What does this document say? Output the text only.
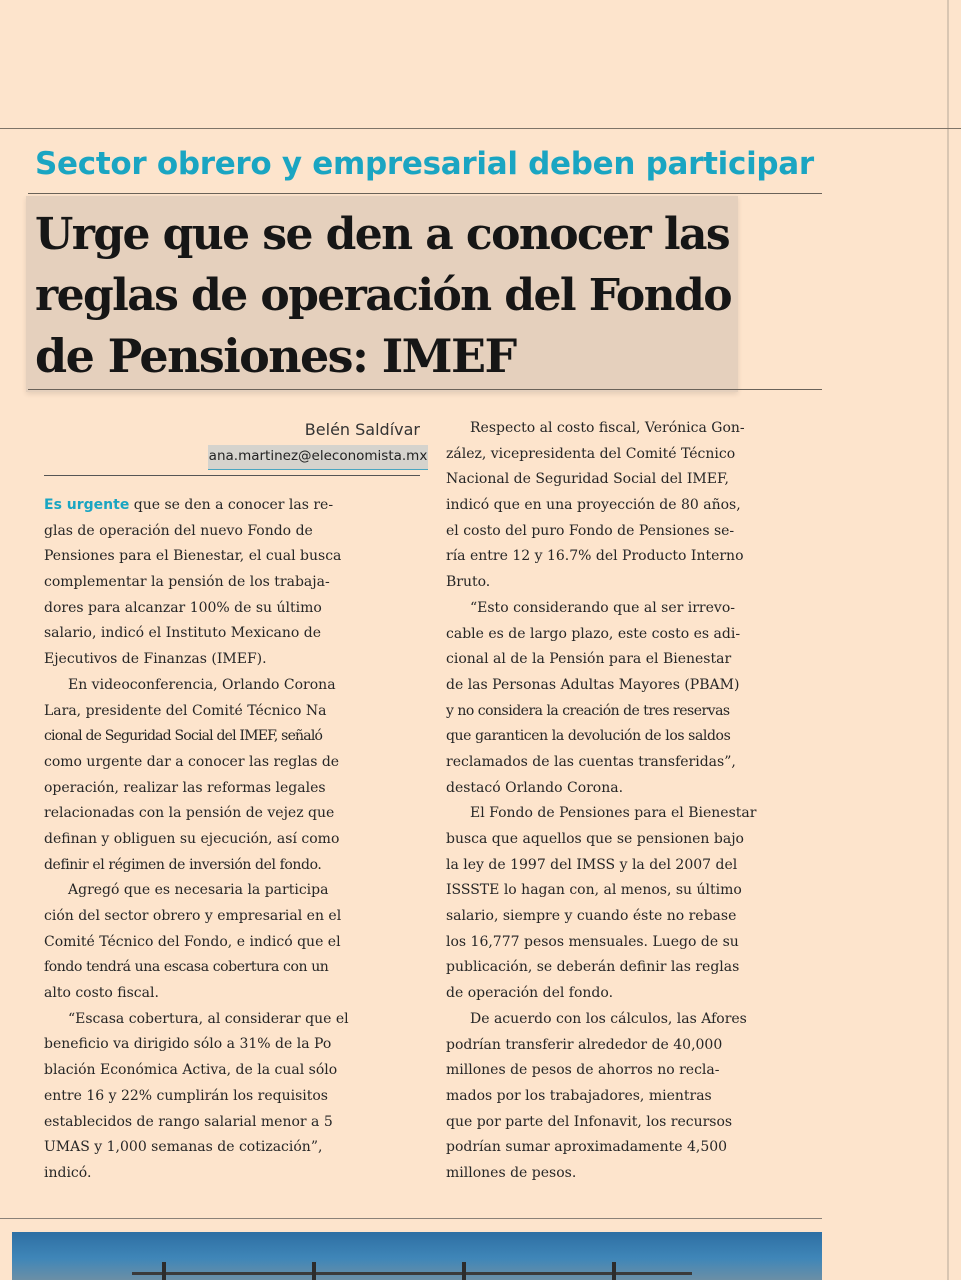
Sector obrero y empresarial deben participar
Urge que se den a conocer las
reglas de operación del Fondo
de Pensiones: IMEF
Belén Saldívar
ana.martinez@eleconomista.mx
Es urgente que se den a conocer las re-
glas de operación del nuevo Fondo de
Pensiones para el Bienestar, el cual busca
complementar la pensión de los trabaja-
dores para alcanzar 100% de su último
salario, indicó el Instituto Mexicano de
Ejecutivos de Finanzas (IMEF).
En videoconferencia, Orlando Corona
Lara, presidente del Comité Técnico Na
cional de Seguridad Social del IMEF, señaló
como urgente dar a conocer las reglas de
operación, realizar las reformas legales
relacionadas con la pensión de vejez que
definan y obliguen su ejecución, así como
definir el régimen de inversión del fondo.
Agregó que es necesaria la participa
ción del sector obrero y empresarial en el
Comité Técnico del Fondo, e indicó que el
fondo tendrá una escasa cobertura con un
alto costo fiscal.
“Escasa cobertura, al considerar que el
beneficio va dirigido sólo a 31% de la Po
blación Económica Activa, de la cual sólo
entre 16 y 22% cumplirán los requisitos
establecidos de rango salarial menor a 5
UMAS y 1,000 semanas de cotización”,
indicó.
Respecto al costo fiscal, Verónica Gon-
zález, vicepresidenta del Comité Técnico
Nacional de Seguridad Social del IMEF,
indicó que en una proyección de 80 años,
el costo del puro Fondo de Pensiones se-
ría entre 12 y 16.7% del Producto Interno
Bruto.
“Esto considerando que al ser irrevo-
cable es de largo plazo, este costo es adi-
cional al de la Pensión para el Bienestar
de las Personas Adultas Mayores (PBAM)
y no considera la creación de tres reservas
que garanticen la devolución de los saldos
reclamados de las cuentas transferidas”,
destacó Orlando Corona.
El Fondo de Pensiones para el Bienestar
busca que aquellos que se pensionen bajo
la ley de 1997 del IMSS y la del 2007 del
ISSSTE lo hagan con, al menos, su último
salario, siempre y cuando éste no rebase
los 16,777 pesos mensuales. Luego de su
publicación, se deberán definir las reglas
de operación del fondo.
De acuerdo con los cálculos, las Afores
podrían transferir alrededor de 40,000
millones de pesos de ahorros no recla-
mados por los trabajadores, mientras
que por parte del Infonavit, los recursos
podrían sumar aproximadamente 4,500
millones de pesos.
